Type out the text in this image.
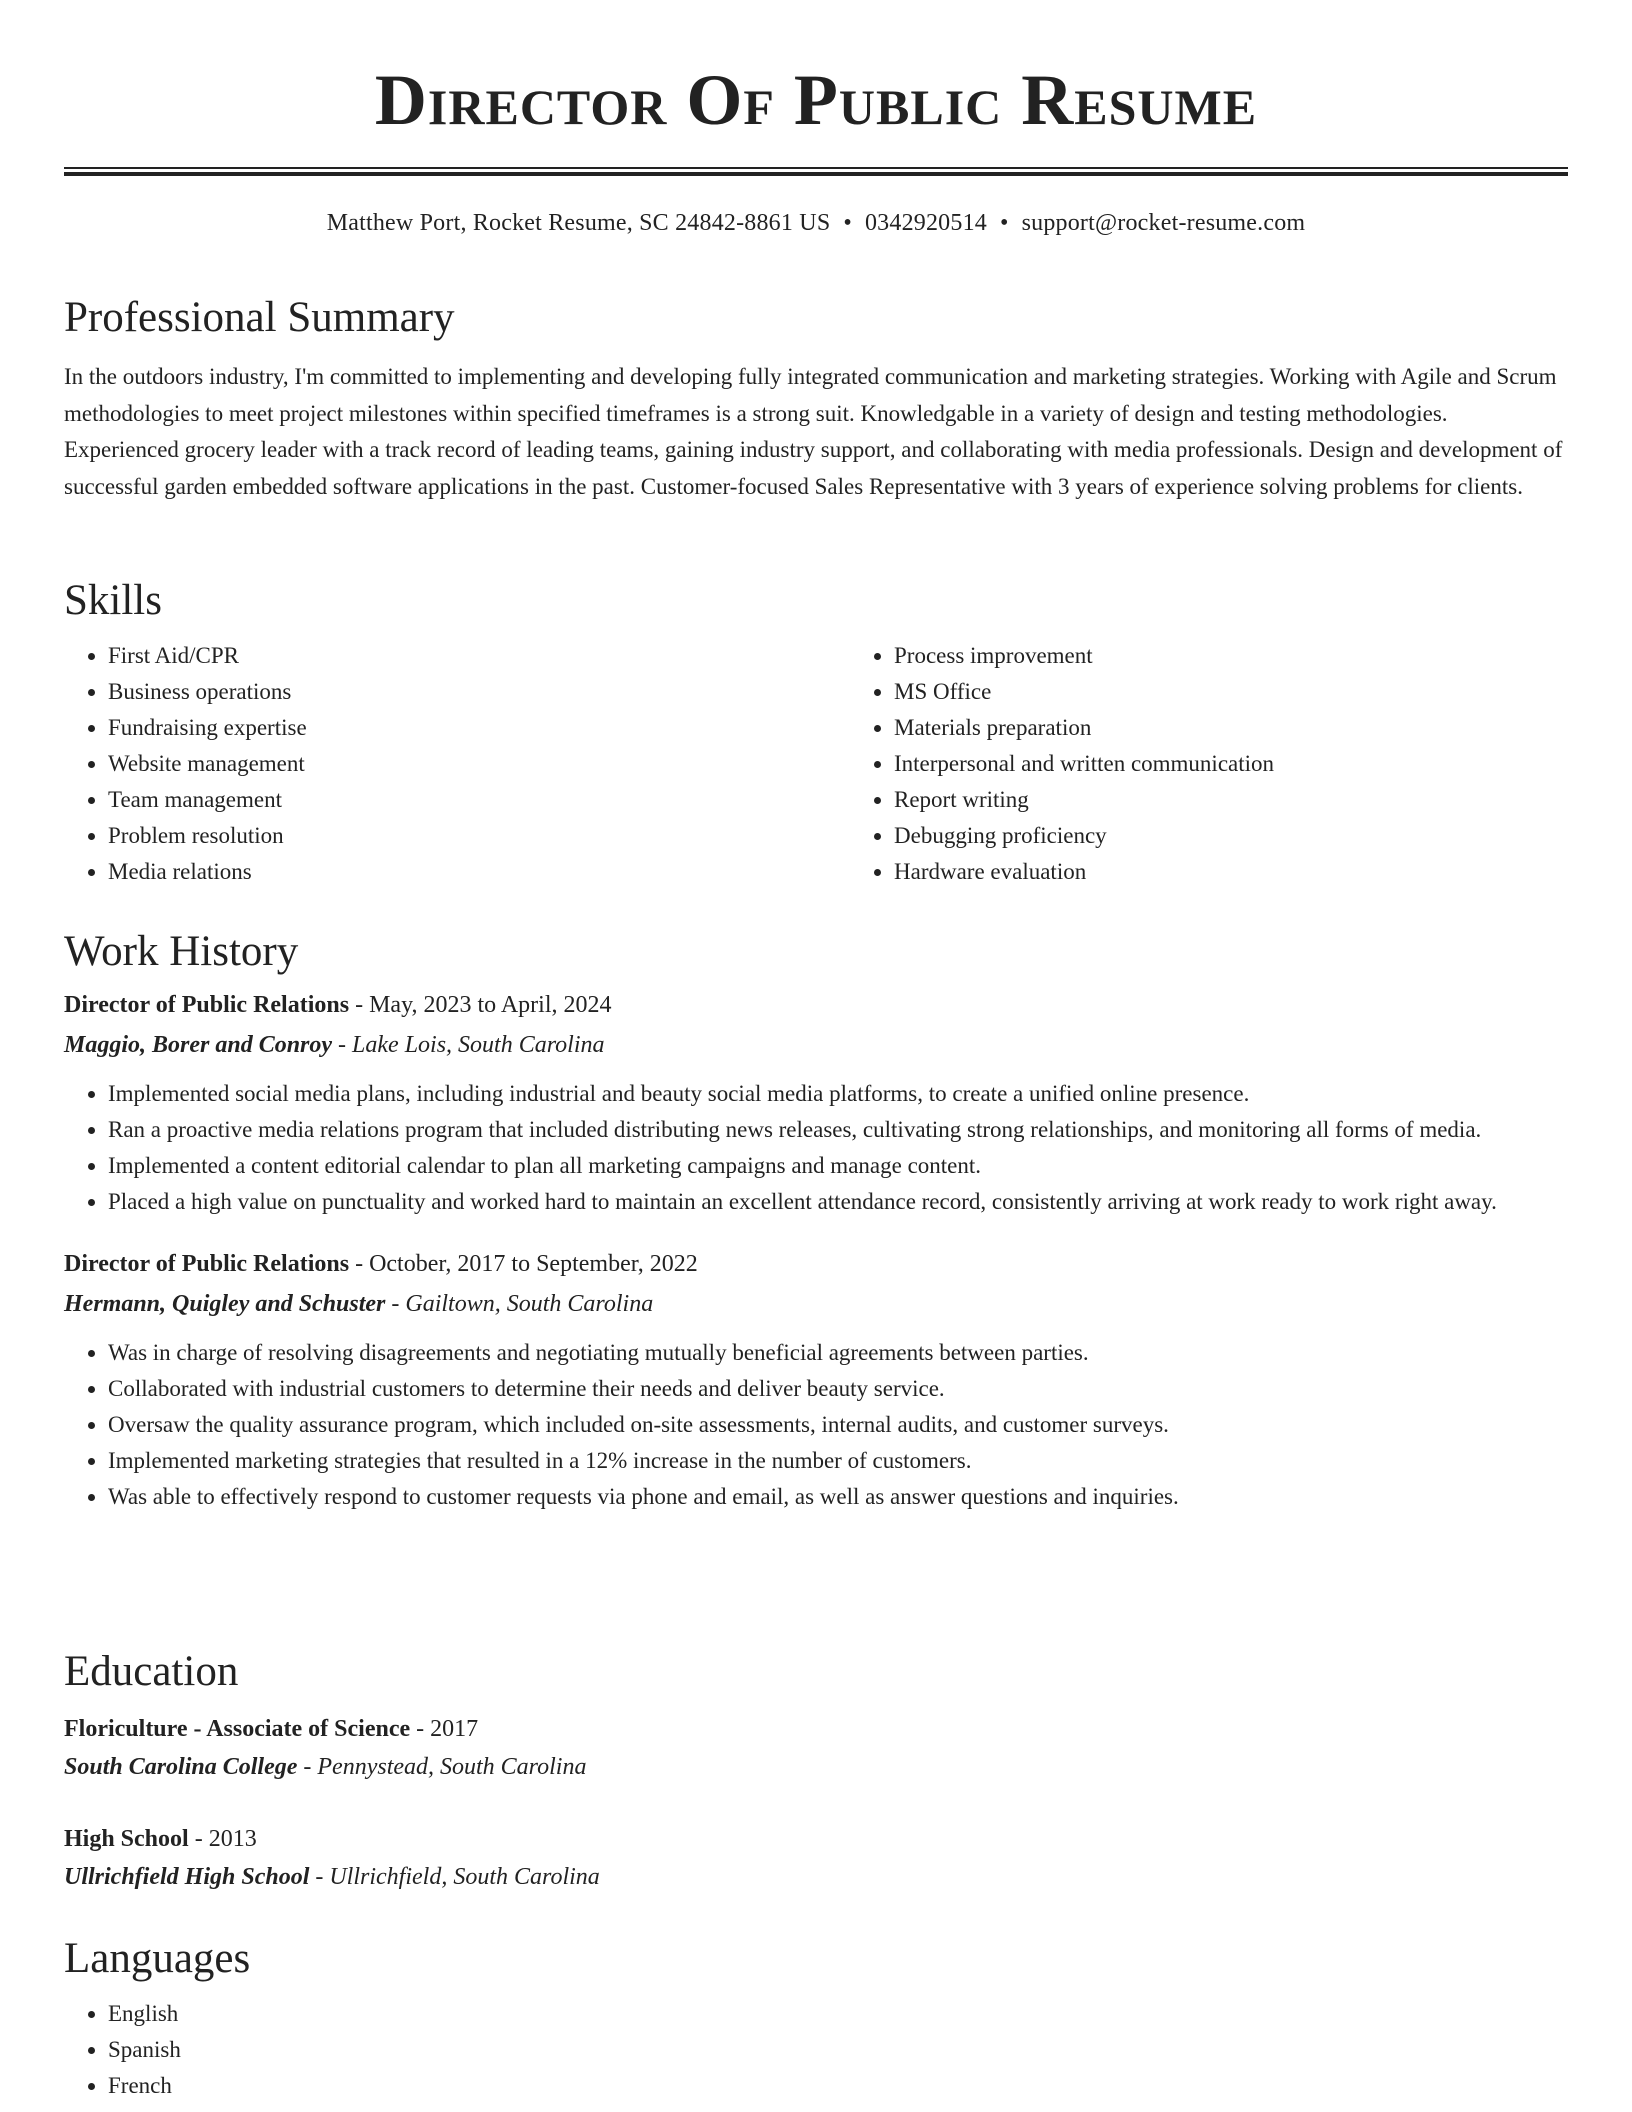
Director Of Public Resume
Matthew Port, Rocket Resume, SC 24842-8861 US • 0342920514 • support@rocket-resume.com
Professional Summary

In the outdoors industry, I'm committed to implementing and developing fully integrated communication and marketing strategies. Working with Agile and Scrum methodologies to meet project milestones within specified timeframes is a strong suit. Knowledgable in a variety of design and testing methodologies. Experienced grocery leader with a track record of leading teams, gaining industry support, and collaborating with media professionals. Design and development of successful garden embedded software applications in the past. Customer-focused Sales Representative with 3 years of experience solving problems for clients.

Skills
• First Aid/CPR
• Business operations
• Fundraising expertise
• Website management
• Team management
• Problem resolution
• Media relations
• Process improvement
• MS Office
• Materials preparation
• Interpersonal and written communication
• Report writing
• Debugging proficiency
• Hardware evaluation
Work History
Director of Public Relations - May, 2023 to April, 2024
Maggio, Borer and Conroy - Lake Lois, South Carolina
• Implemented social media plans, including industrial and beauty social media platforms, to create a unified online presence.
• Ran a proactive media relations program that included distributing news releases, cultivating strong relationships, and monitoring all forms of media.
• Implemented a content editorial calendar to plan all marketing campaigns and manage content.
• Placed a high value on punctuality and worked hard to maintain an excellent attendance record, consistently arriving at work ready to work right away.
Director of Public Relations - October, 2017 to September, 2022
Hermann, Quigley and Schuster - Gailtown, South Carolina
• Was in charge of resolving disagreements and negotiating mutually beneficial agreements between parties.
• Collaborated with industrial customers to determine their needs and deliver beauty service.
• Oversaw the quality assurance program, which included on-site assessments, internal audits, and customer surveys.
• Implemented marketing strategies that resulted in a 12% increase in the number of customers.
• Was able to effectively respond to customer requests via phone and email, as well as answer questions and inquiries.
Education
Floriculture - Associate of Science - 2017
South Carolina College - Pennystead, South Carolina
High School - 2013
Ullrichfield High School - Ullrichfield, South Carolina
Languages
• English
• Spanish
• French
